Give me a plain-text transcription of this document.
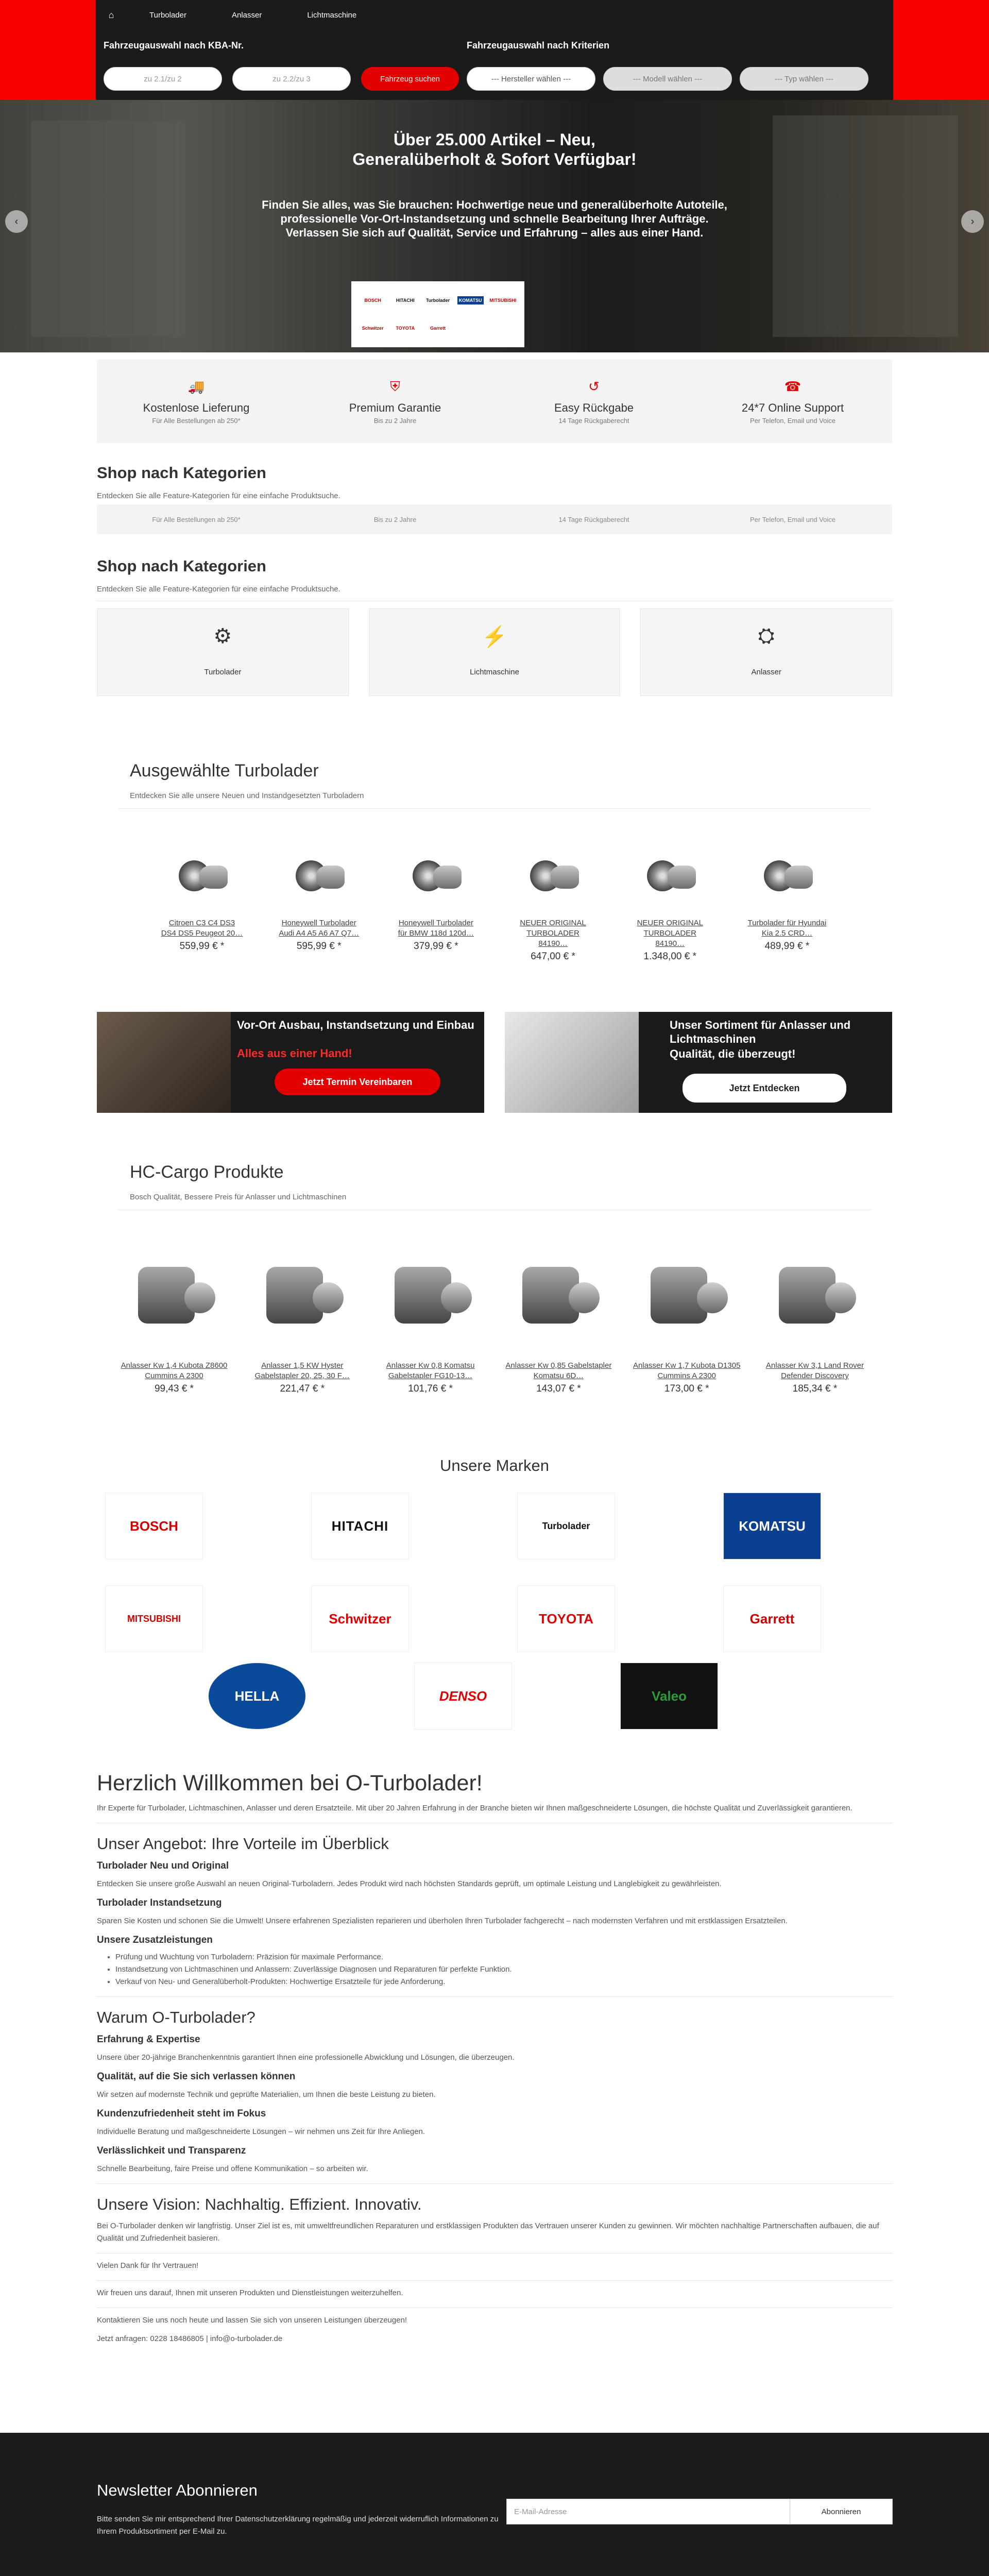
⌂	Turbolader	Anlasser	Lichtmaschine
Fahrzeugauswahl nach KBA-Nr.	Fahrzeugauswahl nach Kriterien
zu 2.1/zu 2	zu 2.2/zu 3	Fahrzeug suchen	--- Hersteller wählen ---	--- Modell wählen ---	--- Typ wählen ---
‹	›
Über 25.000 Artikel – Neu, Generalüberholt & Sofort Verfügbar!
Finden Sie alles, was Sie brauchen: Hochwertige neue und generalüberholte Autoteile, professionelle Vor-Ort-Instandsetzung und schnelle Bearbeitung Ihrer Aufträge. Verlassen Sie sich auf Qualität, Service und Erfahrung – alles aus einer Hand.
BOSCH	HITACHI Turbolader	KOMATSU	MITSUBISHI
Schwitzer	TOYOTA	Garrett
🚚
Kostenlose Lieferung
Für Alle Bestellungen ab 250*
⛨
Premium Garantie
Bis zu 2 Jahre
↺
Easy Rückgabe
14 Tage Rückgaberecht
☎
24*7 Online Support
Per Telefon, Email und Voice
Shop nach Kategorien
Entdecken Sie alle Feature-Kategorien für eine einfache Produktsuche.
Für Alle Bestellungen ab 250*	Bis zu 2 Jahre	14 Tage Rückgaberecht	Per Telefon, Email und Voice
Shop nach Kategorien
Entdecken Sie alle Feature-Kategorien für eine einfache Produktsuche.
⚙
Turbolader
⚡
Lichtmaschine
⛭
Anlasser
Ausgewählte Turbolader
Entdecken Sie alle unsere Neuen und Instandgesetzten Turboladern
Citroen C3 C4 DS3 DS4 DS5 Peugeot 20…
559,99 € *
Honeywell Turbolader Audi A4 A5 A6 A7 Q7…
595,99 € *
Honeywell Turbolader für BMW 118d 120d…
379,99 € *
NEUER ORIGINAL TURBOLADER 84190…
647,00 € *
NEUER ORIGINAL TURBOLADER 84190…
1.348,00 € *
Turbolader für Hyundai Kia 2.5 CRD…
489,99 € *
Vor-Ort Ausbau, Instandsetzung und Einbau
Alles aus einer Hand!
Jetzt Termin Vereinbaren
Unser Sortiment für Anlasser und Lichtmaschinen
Qualität, die überzeugt!
Jetzt Entdecken
HC-Cargo Produkte
Bosch Qualität, Bessere Preis für Anlasser und Lichtmaschinen
Anlasser Kw 1,4 Kubota Z8600 Cummins A 2300
99,43 € *
Anlasser 1,5 KW Hyster Gabelstapler 20, 25, 30 F…
221,47 € *
Anlasser Kw 0,8 Komatsu Gabelstapler FG10-13…
101,76 € *
Anlasser Kw 0,85 Gabelstapler Komatsu 6D…
143,07 € *
Anlasser Kw 1,7 Kubota D1305 Cummins A 2300
173,00 € *
Anlasser Kw 3,1 Land Rover Defender Discovery
185,34 € *
Unsere Marken
BOSCH	HITACHI	Turbolader	KOMATSU
MITSUBISHI	Schwitzer	TOYOTA	Garrett
HELLA	DENSO	Valeo
Herzlich Willkommen bei O-Turbolader!

Ihr Experte für Turbolader, Lichtmaschinen, Anlasser und deren Ersatzteile. Mit über 20 Jahren Erfahrung in der Branche bieten wir Ihnen maßgeschneiderte Lösungen, die höchste Qualität und Zuverlässigkeit garantieren.

Unser Angebot: Ihre Vorteile im Überblick
Turbolader Neu und Original

Entdecken Sie unsere große Auswahl an neuen Original-Turboladern. Jedes Produkt wird nach höchsten Standards geprüft, um optimale Leistung und Langlebigkeit zu gewährleisten.

Turbolader Instandsetzung

Sparen Sie Kosten und schonen Sie die Umwelt! Unsere erfahrenen Spezialisten reparieren und überholen Ihren Turbolader fachgerecht – nach modernsten Verfahren und mit erstklassigen Ersatzteilen.

Unsere Zusatzleistungen
• Prüfung und Wuchtung von Turboladern: Präzision für maximale Performance.
• Instandsetzung von Lichtmaschinen und Anlassern: Zuverlässige Diagnosen und Reparaturen für perfekte Funktion.
• Verkauf von Neu- und Generalüberholt-Produkten: Hochwertige Ersatzteile für jede Anforderung.
Warum O-Turbolader?
Erfahrung & Expertise

Unsere über 20-jährige Branchenkenntnis garantiert Ihnen eine professionelle Abwicklung und Lösungen, die überzeugen.

Qualität, auf die Sie sich verlassen können

Wir setzen auf modernste Technik und geprüfte Materialien, um Ihnen die beste Leistung zu bieten.

Kundenzufriedenheit steht im Fokus

Individuelle Beratung und maßgeschneiderte Lösungen – wir nehmen uns Zeit für Ihre Anliegen.

Verlässlichkeit und Transparenz

Schnelle Bearbeitung, faire Preise und offene Kommunikation – so arbeiten wir.

Unsere Vision: Nachhaltig. Effizient. Innovativ.

Bei O-Turbolader denken wir langfristig. Unser Ziel ist es, mit umweltfreundlichen Reparaturen und erstklassigen Produkten das Vertrauen unserer Kunden zu gewinnen. Wir möchten nachhaltige Partnerschaften aufbauen, die auf Qualität und Zufriedenheit basieren.

Vielen Dank für Ihr Vertrauen!

Wir freuen uns darauf, Ihnen mit unseren Produkten und Dienstleistungen weiterzuhelfen.

Kontaktieren Sie uns noch heute und lassen Sie sich von unseren Leistungen überzeugen!

Jetzt anfragen: 0228 18486805 | info@o-turbolader.de

Newsletter Abonnieren
Bitte senden Sie mir entsprechend Ihrer Datenschutzerklärung regelmäßig und jederzeit widerruflich Informationen zu Ihrem Produktsortiment per E-Mail zu.
E-Mail-Adresse	Abonnieren
